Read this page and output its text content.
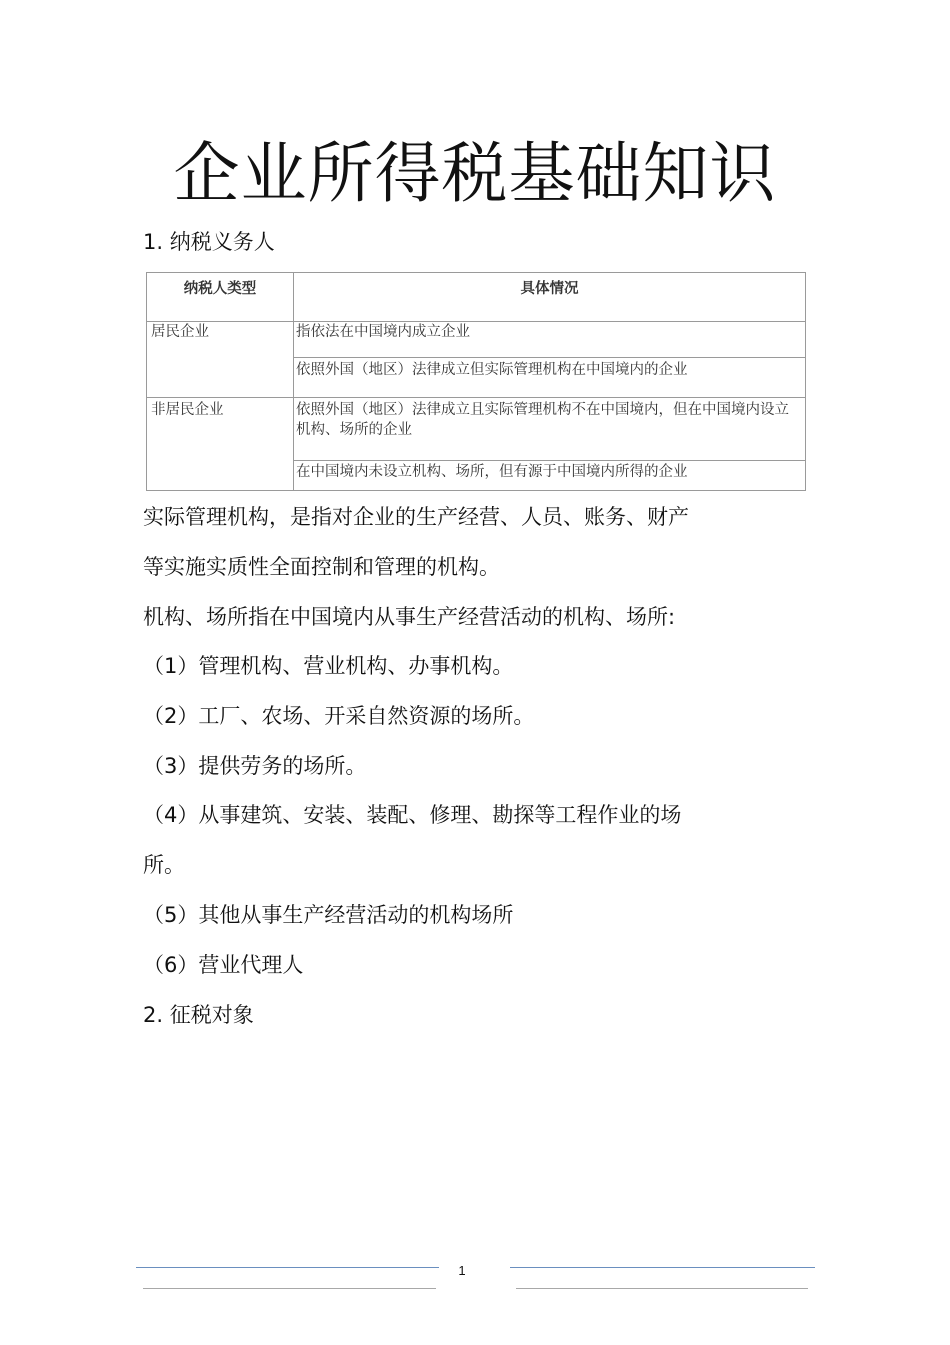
企业所得税基础知识
1. 纳税义务人
纳税人类型	具体情况
居民企业	指依法在中国境内成立企业
	依照外国（地区）法律成立但实际管理机构在中国境内的企业
非居民企业	依照外国（地区）法律成立且实际管理机构不在中国境内，但在中国境内设立机构、场所的企业
	在中国境内未设立机构、场所，但有源于中国境内所得的企业
实际管理机构，是指对企业的生产经营、人员、账务、财产
等实施实质性全面控制和管理的机构。
机构、场所指在中国境内从事生产经营活动的机构、场所:
（1）管理机构、营业机构、办事机构。
（2）工厂、农场、开采自然资源的场所。
（3）提供劳务的场所。
（4）从事建筑、安装、装配、修理、勘探等工程作业的场
所。
（5）其他从事生产经营活动的机构场所
（6）营业代理人
2. 征税对象
1
